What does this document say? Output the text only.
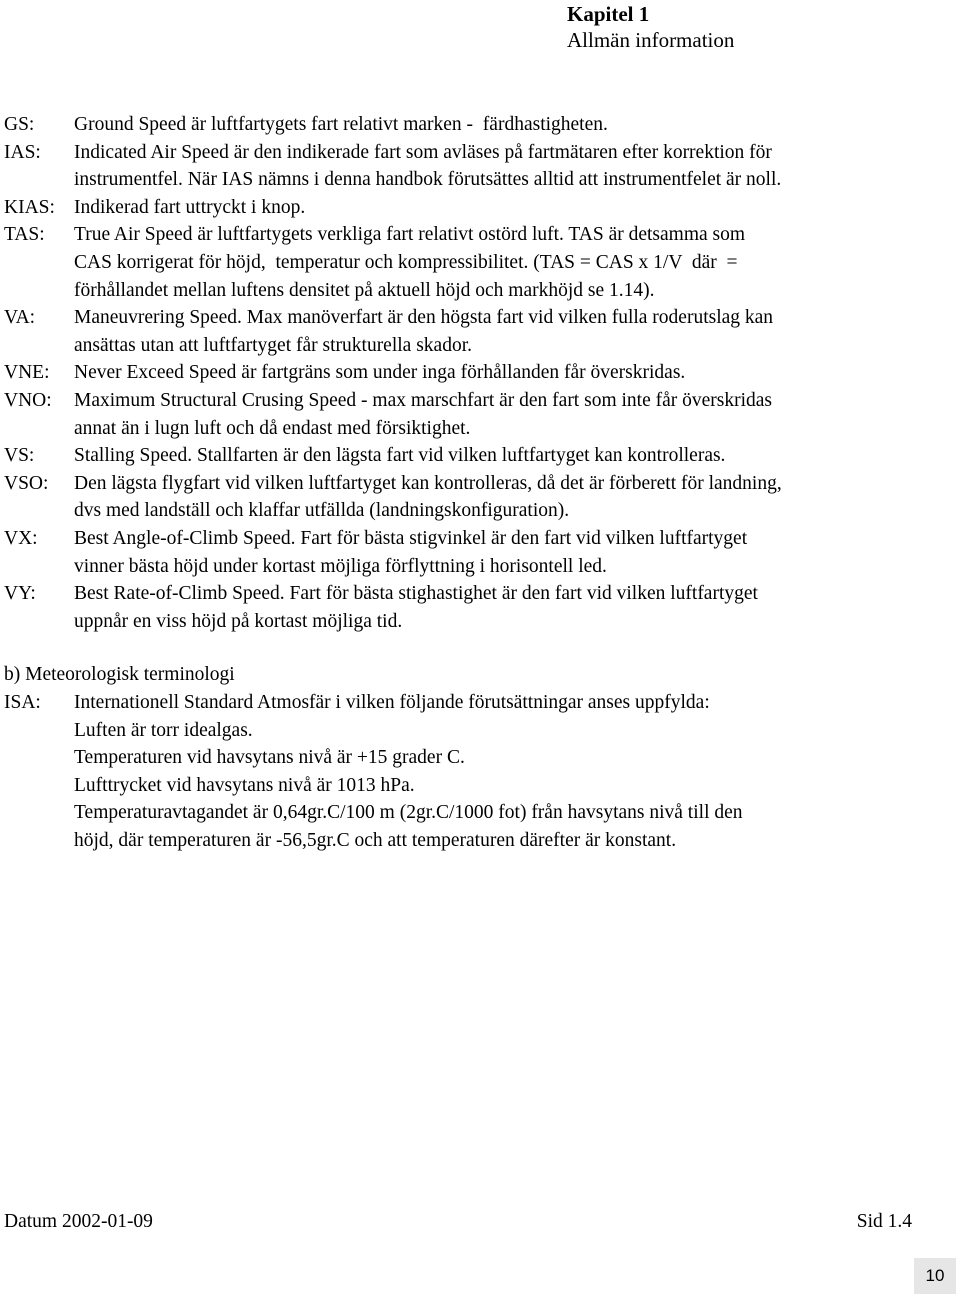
Kapitel 1
Allmän information
GS:	Ground Speed är luftfartygets fart relativt marken -  färdhastigheten.
IAS:	Indicated Air Speed är den indikerade fart som avläses på fartmätaren efter korrektion för
instrumentfel. När IAS nämns i denna handbok förutsättes alltid att instrumentfelet är noll.
KIAS: Indikerad fart uttryckt i knop.
TAS:	True Air Speed är luftfartygets verkliga fart relativt ostörd luft. TAS är detsamma som
CAS korrigerat för höjd,  temperatur och kompressibilitet. (TAS = CAS x 1/V  där  =
förhållandet mellan luftens densitet på aktuell höjd och markhöjd se 1.14).
VA:	Maneuvrering Speed. Max manöverfart är den högsta fart vid vilken fulla roderutslag kan
ansättas utan att luftfartyget får strukturella skador.
VNE:	Never Exceed Speed är fartgräns som under inga förhållanden får överskridas.
VNO:	Maximum Structural Crusing Speed - max marschfart är den fart som inte får överskridas
annat än i lugn luft och då endast med försiktighet.
VS:	Stalling Speed. Stallfarten är den lägsta fart vid vilken luftfartyget kan kontrolleras.
VSO:	Den lägsta flygfart vid vilken luftfartyget kan kontrolleras, då det är förberett för landning,
dvs med landställ och klaffar utfällda (landningskonfiguration).
VX:	Best Angle-of-Climb Speed. Fart för bästa stigvinkel är den fart vid vilken luftfartyget
vinner bästa höjd under kortast möjliga förflyttning i horisontell led.
VY:	Best Rate-of-Climb Speed. Fart för bästa stighastighet är den fart vid vilken luftfartyget
uppnår en viss höjd på kortast möjliga tid.
b) Meteorologisk terminologi
ISA:	Internationell Standard Atmosfär i vilken följande förutsättningar anses uppfylda:
Luften är torr idealgas.
Temperaturen vid havsytans nivå är +15 grader C.
Lufttrycket vid havsytans nivå är 1013 hPa.
Temperaturavtagandet är 0,64gr.C/100 m (2gr.C/1000 fot) från havsytans nivå till den
höjd, där temperaturen är -56,5gr.C och att temperaturen därefter är konstant.
Datum 2002-01-09	Sid 1.4
10
